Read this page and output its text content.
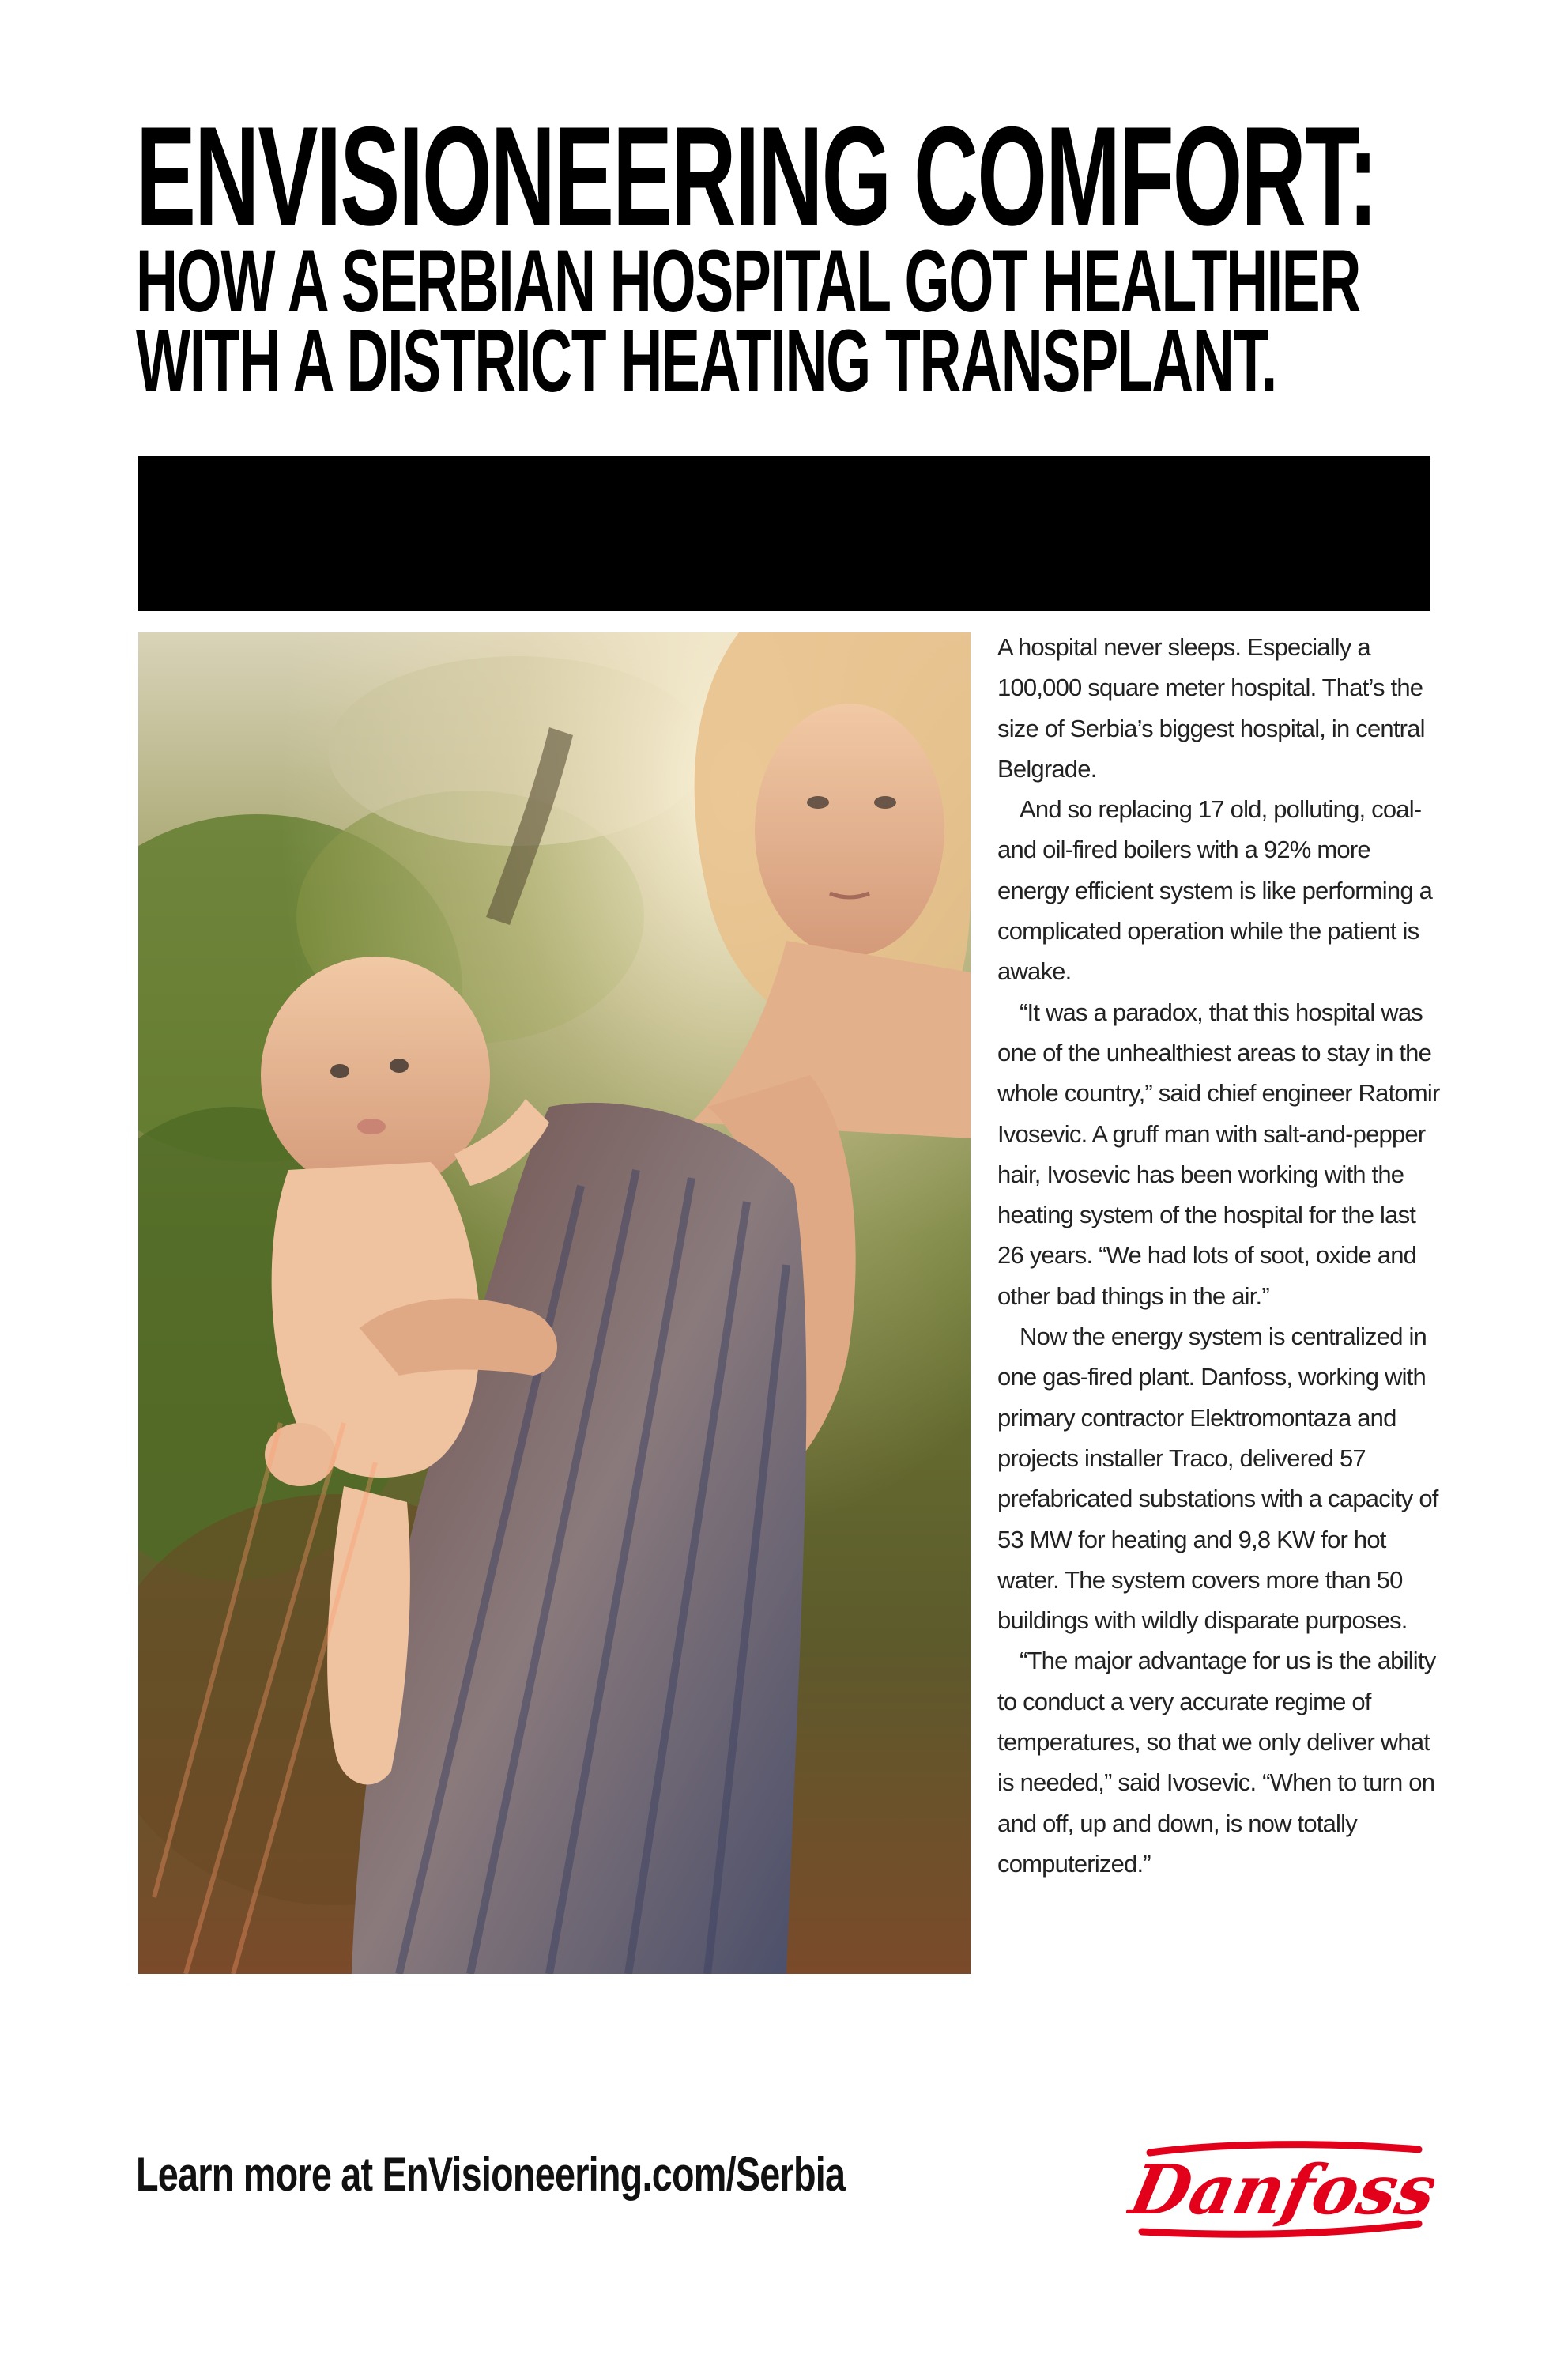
ENVISIONEERING COMFORT:
HOW A SERBIAN HOSPITAL GOT HEALTHIER
WITH A DISTRICT HEATING TRANSPLANT.

A hospital never sleeps. Especially a 100,000 square meter hospital. That’s the size of Serbia’s biggest hospital, in central Belgrade.

And so replacing 17 old, polluting, coal- and oil-fired boilers with a 92% more energy efficient system is like performing a complicated operation while the patient is awake.

“It was a paradox, that this hospital was one of the unhealthiest areas to stay in the whole country,” said chief engineer Ratomir Ivosevic. A gruff man with salt-and-pepper hair, Ivosevic has been working with the heating system of the hospital for the last 26 years. “We had lots of soot, oxide and other bad things in the air.”

Now the energy system is centralized in one gas-fired plant. Danfoss, working with primary contractor Elektromontaza and projects installer Traco, delivered 57 prefabricated substations with a capacity of 53 MW for heating and 9,8 KW for hot water. The system covers more than 50 buildings with wildly disparate purposes.

“The major advantage for us is the ability to conduct a very accurate regime of temperatures, so that we only deliver what is needed,” said Ivosevic. “When to turn on and off, up and down, is now totally computerized.”

Learn more at EnVisioneering.com/Serbia	Danfoss
